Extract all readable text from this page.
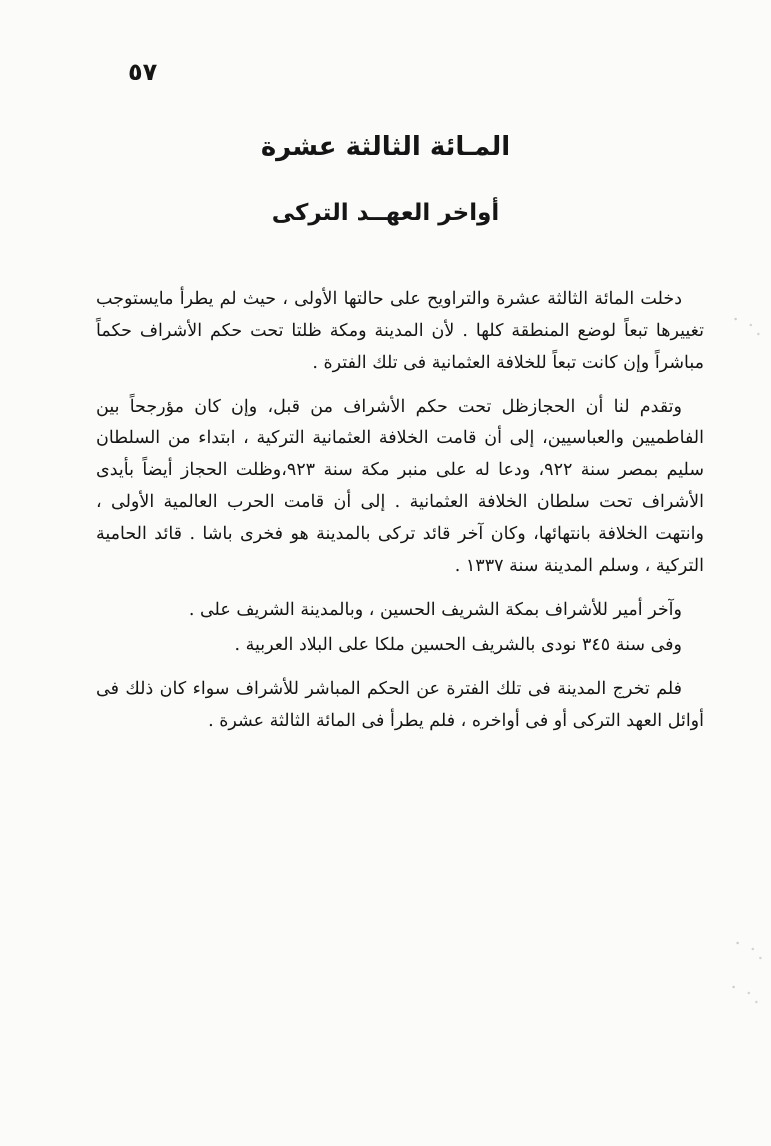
٥٧
المـائة الثالثة عشرة
أواخر العهــد التركى

دخلت المائة الثالثة عشرة والتراويح على حالتها الأولى ، حيث لم يطرأ مايستوجب تغييرها تبعاً لوضع المنطقة كلها . لأن المدينة ومكة ظلتا تحت حكم الأشراف حكماً مباشراً وإن كانت تبعاً للخلافة العثمانية فى تلك الفترة .

وتقدم لنا أن الحجازظل تحت حكم الأشراف من قبل، وإن كان مؤرجحاً بين الفاطميين والعباسيين، إلى أن قامت الخلافة العثمانية التركية ، ابتداء من السلطان سليم بمصر سنة ٩٢٢، ودعا له على منبر مكة سنة ٩٢٣،وظلت الحجاز أيضاً بأيدى الأشراف تحت سلطان الخلافة العثمانية . إلى أن قامت الحرب العالمية الأولى ، وانتهت الخلافة بانتهائها، وكان آخر قائد تركى بالمدينة هو فخرى باشا . قائد الحامية التركية ، وسلم المدينة سنة ١٣٣٧ .

وآخر أمير للأشراف بمكة الشريف الحسين ، وبالمدينة الشريف على .

وفى سنة ٣٤٥ نودى بالشريف الحسين ملكا على البلاد العربية .

فلم تخرج المدينة فى تلك الفترة عن الحكم المباشر للأشراف سواء كان ذلك فى أوائل العهد التركى أو فى أواخره ، فلم يطرأ فى المائة الثالثة عشرة .
